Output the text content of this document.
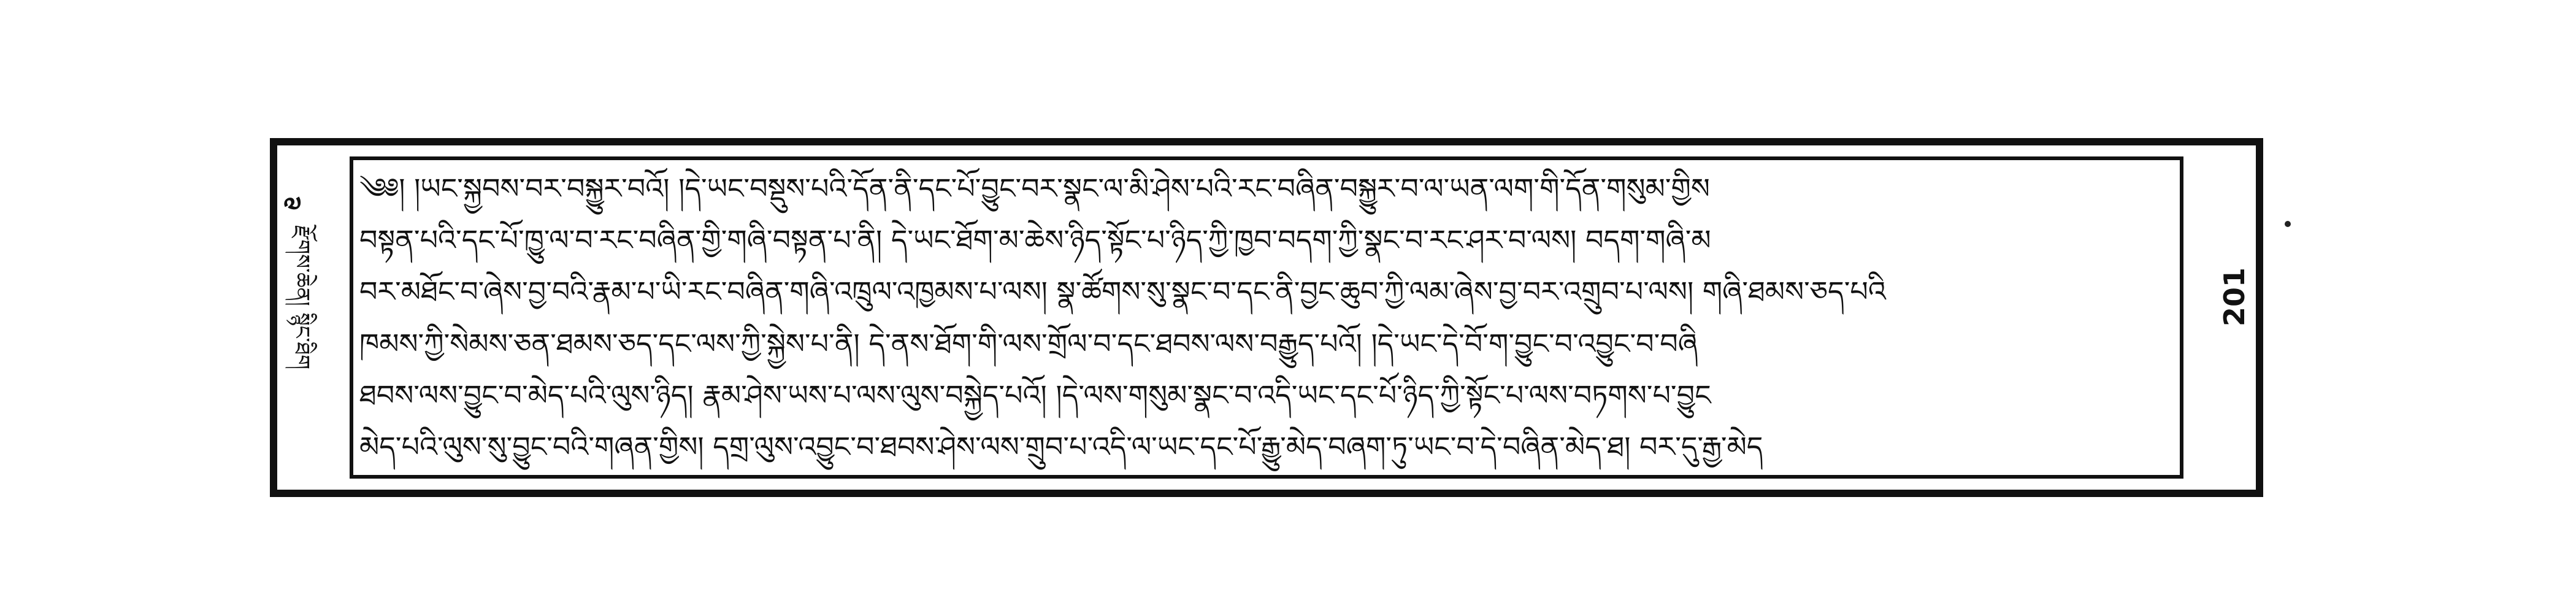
༧
རྫོགས་ཆེན། སྙིང་ཐིག
༄༅། །ཡང་སྐྱབས་བར་བསྐྱུར་བའོ། །དེ་ཡང་བསྡུས་པའི་དོན་ནི་དང་པོ་བྱུང་བར་སྣང་ལ་མི་ཤེས་པའི་རང་བཞིན་བསྐྱུར་བ་ལ་ཡན་ལག་གི་དོན་གསུམ་གྱིས
བསྟན་པའི་དང་པོ་ཁྱུ་ལ་བ་རང་བཞིན་གྱི་གཞི་བསྟན་པ་ནི། དེ་ཡང་ཐོག་མ་ཆེས་ཉིད་སྟོང་པ་ཉིད་ཀྱི་ཁྱབ་བདག་ཀྱི་སྣང་བ་རང་ཤར་བ་ལས། བདག་གཞི་མ
བར་མཐོང་བ་ཞེས་བྱ་བའི་རྣམ་པ་ཡི་རང་བཞིན་གཞི་འཁྲུལ་འཁྱམས་པ་ལས། སྣ་ཚོགས་སུ་སྣང་བ་དང་ནི་བྱང་ཆུབ་ཀྱི་ལམ་ཞེས་བྱ་བར་འགྲུབ་པ་ལས། གཞི་ཐམས་ཅད་པའི
ཁམས་ཀྱི་སེམས་ཅན་ཐམས་ཅད་དང་ལས་ཀྱི་སྐྱེས་པ་ནི། དེ་ནས་ཐོག་གི་ལས་གྲོལ་བ་དང་ཐབས་ལས་བརྒྱུད་པའོ། །དེ་ཡང་དེ་བོ་ག་བྱུང་བ་འབྱུང་བ་བཞི
ཐབས་ལས་བྱུང་བ་མེད་པའི་ལུས་ཉིད། རྣམ་ཤེས་ཡས་པ་ལས་ལུས་བསྐྱེད་པའོ། །དེ་ལས་གསུམ་སྣང་བ་འདི་ཡང་དང་པོ་ཉིད་ཀྱི་སྟོང་པ་ལས་བཏགས་པ་བྱུང
མེད་པའི་ལུས་སུ་བྱུང་བའི་གཞན་གྱིས། དགྲ་ལུས་འབྱུང་བ་ཐབས་ཤེས་ལས་གྲུབ་པ་འདི་ལ་ཡང་དང་པོ་རྒྱུ་མེད་བཞག་ཏུ་ཡང་བ་དེ་བཞིན་མེད་ཐ། བར་དུ་རྒྱ་མེད
201
